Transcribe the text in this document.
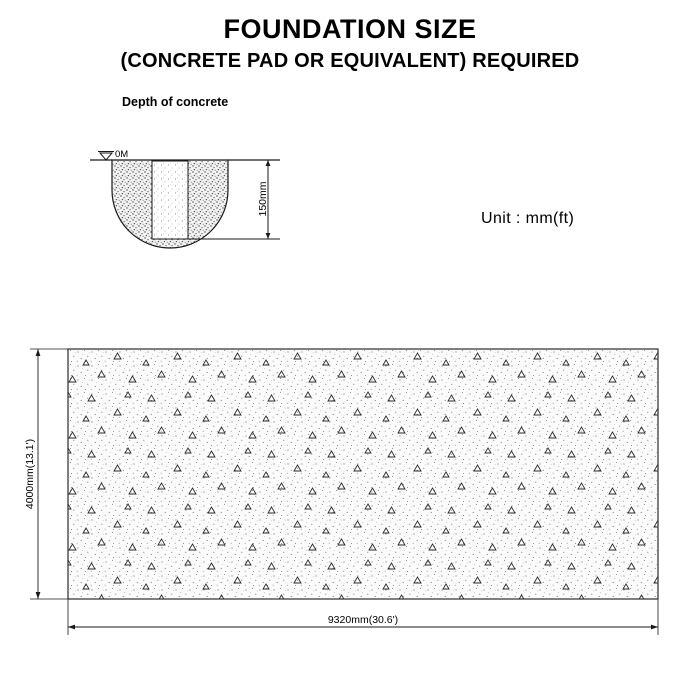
FOUNDATION SIZE
(CONCRETE PAD OR EQUIVALENT) REQUIRED
Depth of concrete
Unit : mm(ft)
0M
150mm
4000mm(13.1')
9320mm(30.6')
